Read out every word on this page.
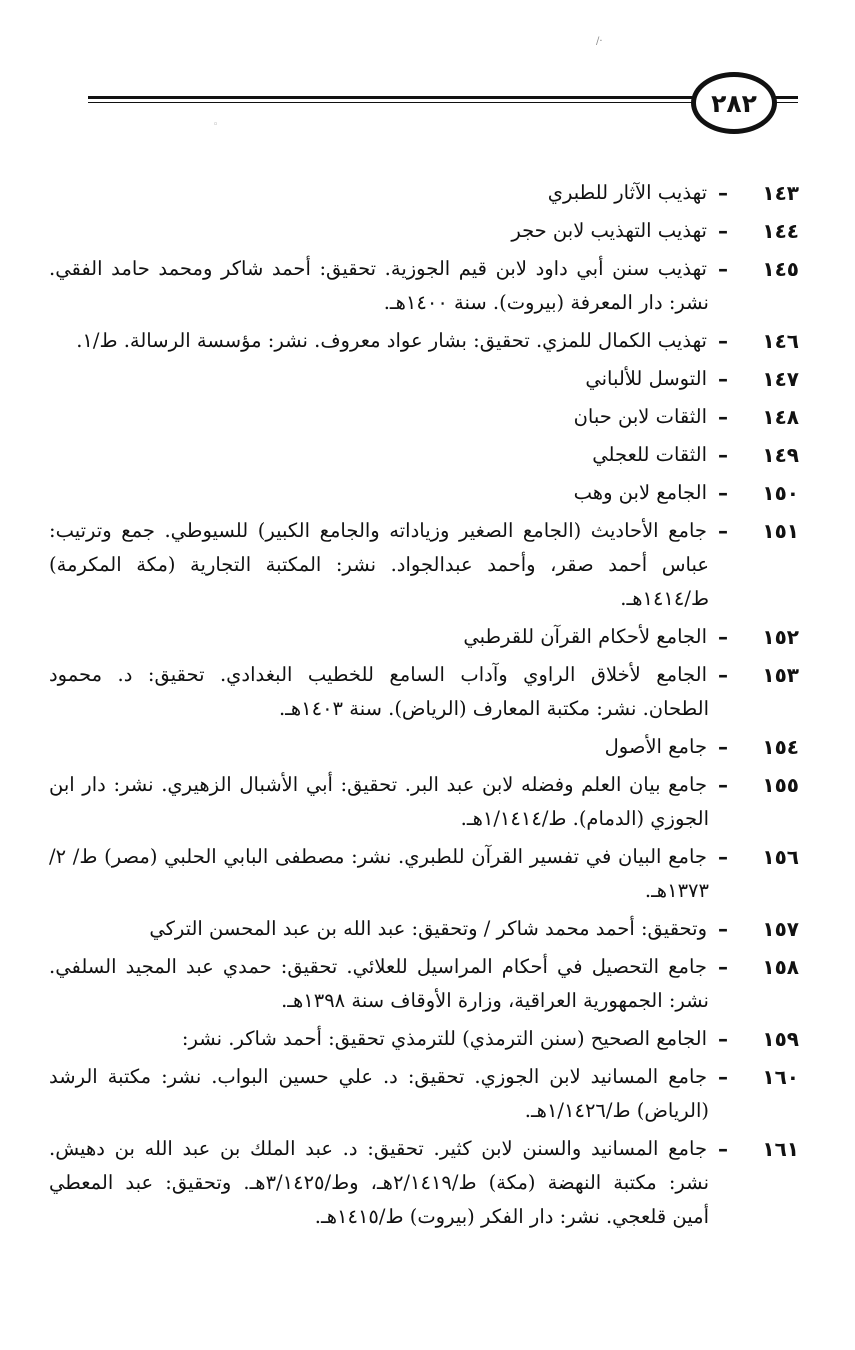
/·
◦
٢٨٢
١٤٣
–
تهذيب الآثار للطبري
١٤٤
–
تهذيب التهذيب لابن حجر
١٤٥
–
تهذيب سنن أبي داود لابن قيم الجوزية. تحقيق: أحمد شاكر ومحمد حامد الفقي.
نشر: دار المعرفة (بيروت). سنة ١٤٠٠هـ.
١٤٦
–
تهذيب الكمال للمزي. تحقيق: بشار عواد معروف. نشر: مؤسسة الرسالة. ط/١.
١٤٧
–
التوسل للألباني
١٤٨
–
الثقات لابن حبان
١٤٩
–
الثقات للعجلي
١٥٠
–
الجامع لابن وهب
١٥١
–
جامع الأحاديث (الجامع الصغير وزياداته والجامع الكبير) للسيوطي. جمع وترتيب:
عباس أحمد صقر، وأحمد عبدالجواد. نشر: المكتبة التجارية (مكة المكرمة)
ط/١٤١٤هـ.
١٥٢
–
الجامع لأحكام القرآن للقرطبي
١٥٣
–
الجامع لأخلاق الراوي وآداب السامع للخطيب البغدادي. تحقيق: د. محمود
الطحان. نشر: مكتبة المعارف (الرياض). سنة ١٤٠٣هـ.
١٥٤
–
جامع الأصول
١٥٥
–
جامع بيان العلم وفضله لابن عبد البر. تحقيق: أبي الأشبال الزهيري. نشر: دار ابن
الجوزي (الدمام). ط/١/١٤١٤هـ.
١٥٦
–
جامع البيان في تفسير القرآن للطبري. نشر: مصطفى البابي الحلبي (مصر) ط/ ٢/
١٣٧٣هـ.
١٥٧
–
وتحقيق: أحمد محمد شاكر / وتحقيق: عبد الله بن عبد المحسن التركي
١٥٨
–
جامع التحصيل في أحكام المراسيل للعلائي. تحقيق: حمدي عبد المجيد السلفي.
نشر: الجمهورية العراقية، وزارة الأوقاف سنة ١٣٩٨هـ.
١٥٩
–
الجامع الصحيح (سنن الترمذي) للترمذي تحقيق: أحمد شاكر. نشر:
١٦٠
–
جامع المسانيد لابن الجوزي. تحقيق: د. علي حسين البواب. نشر: مكتبة الرشد
(الرياض) ط/١/١٤٢٦هـ.
١٦١
–
جامع المسانيد والسنن لابن كثير. تحقيق: د. عبد الملك بن عبد الله بن دهيش.
نشر: مكتبة النهضة (مكة) ط/٢/١٤١٩هـ، وط/٣/١٤٢٥هـ. وتحقيق: عبد المعطي
أمين قلعجي. نشر: دار الفكر (بيروت) ط/١٤١٥هـ.
